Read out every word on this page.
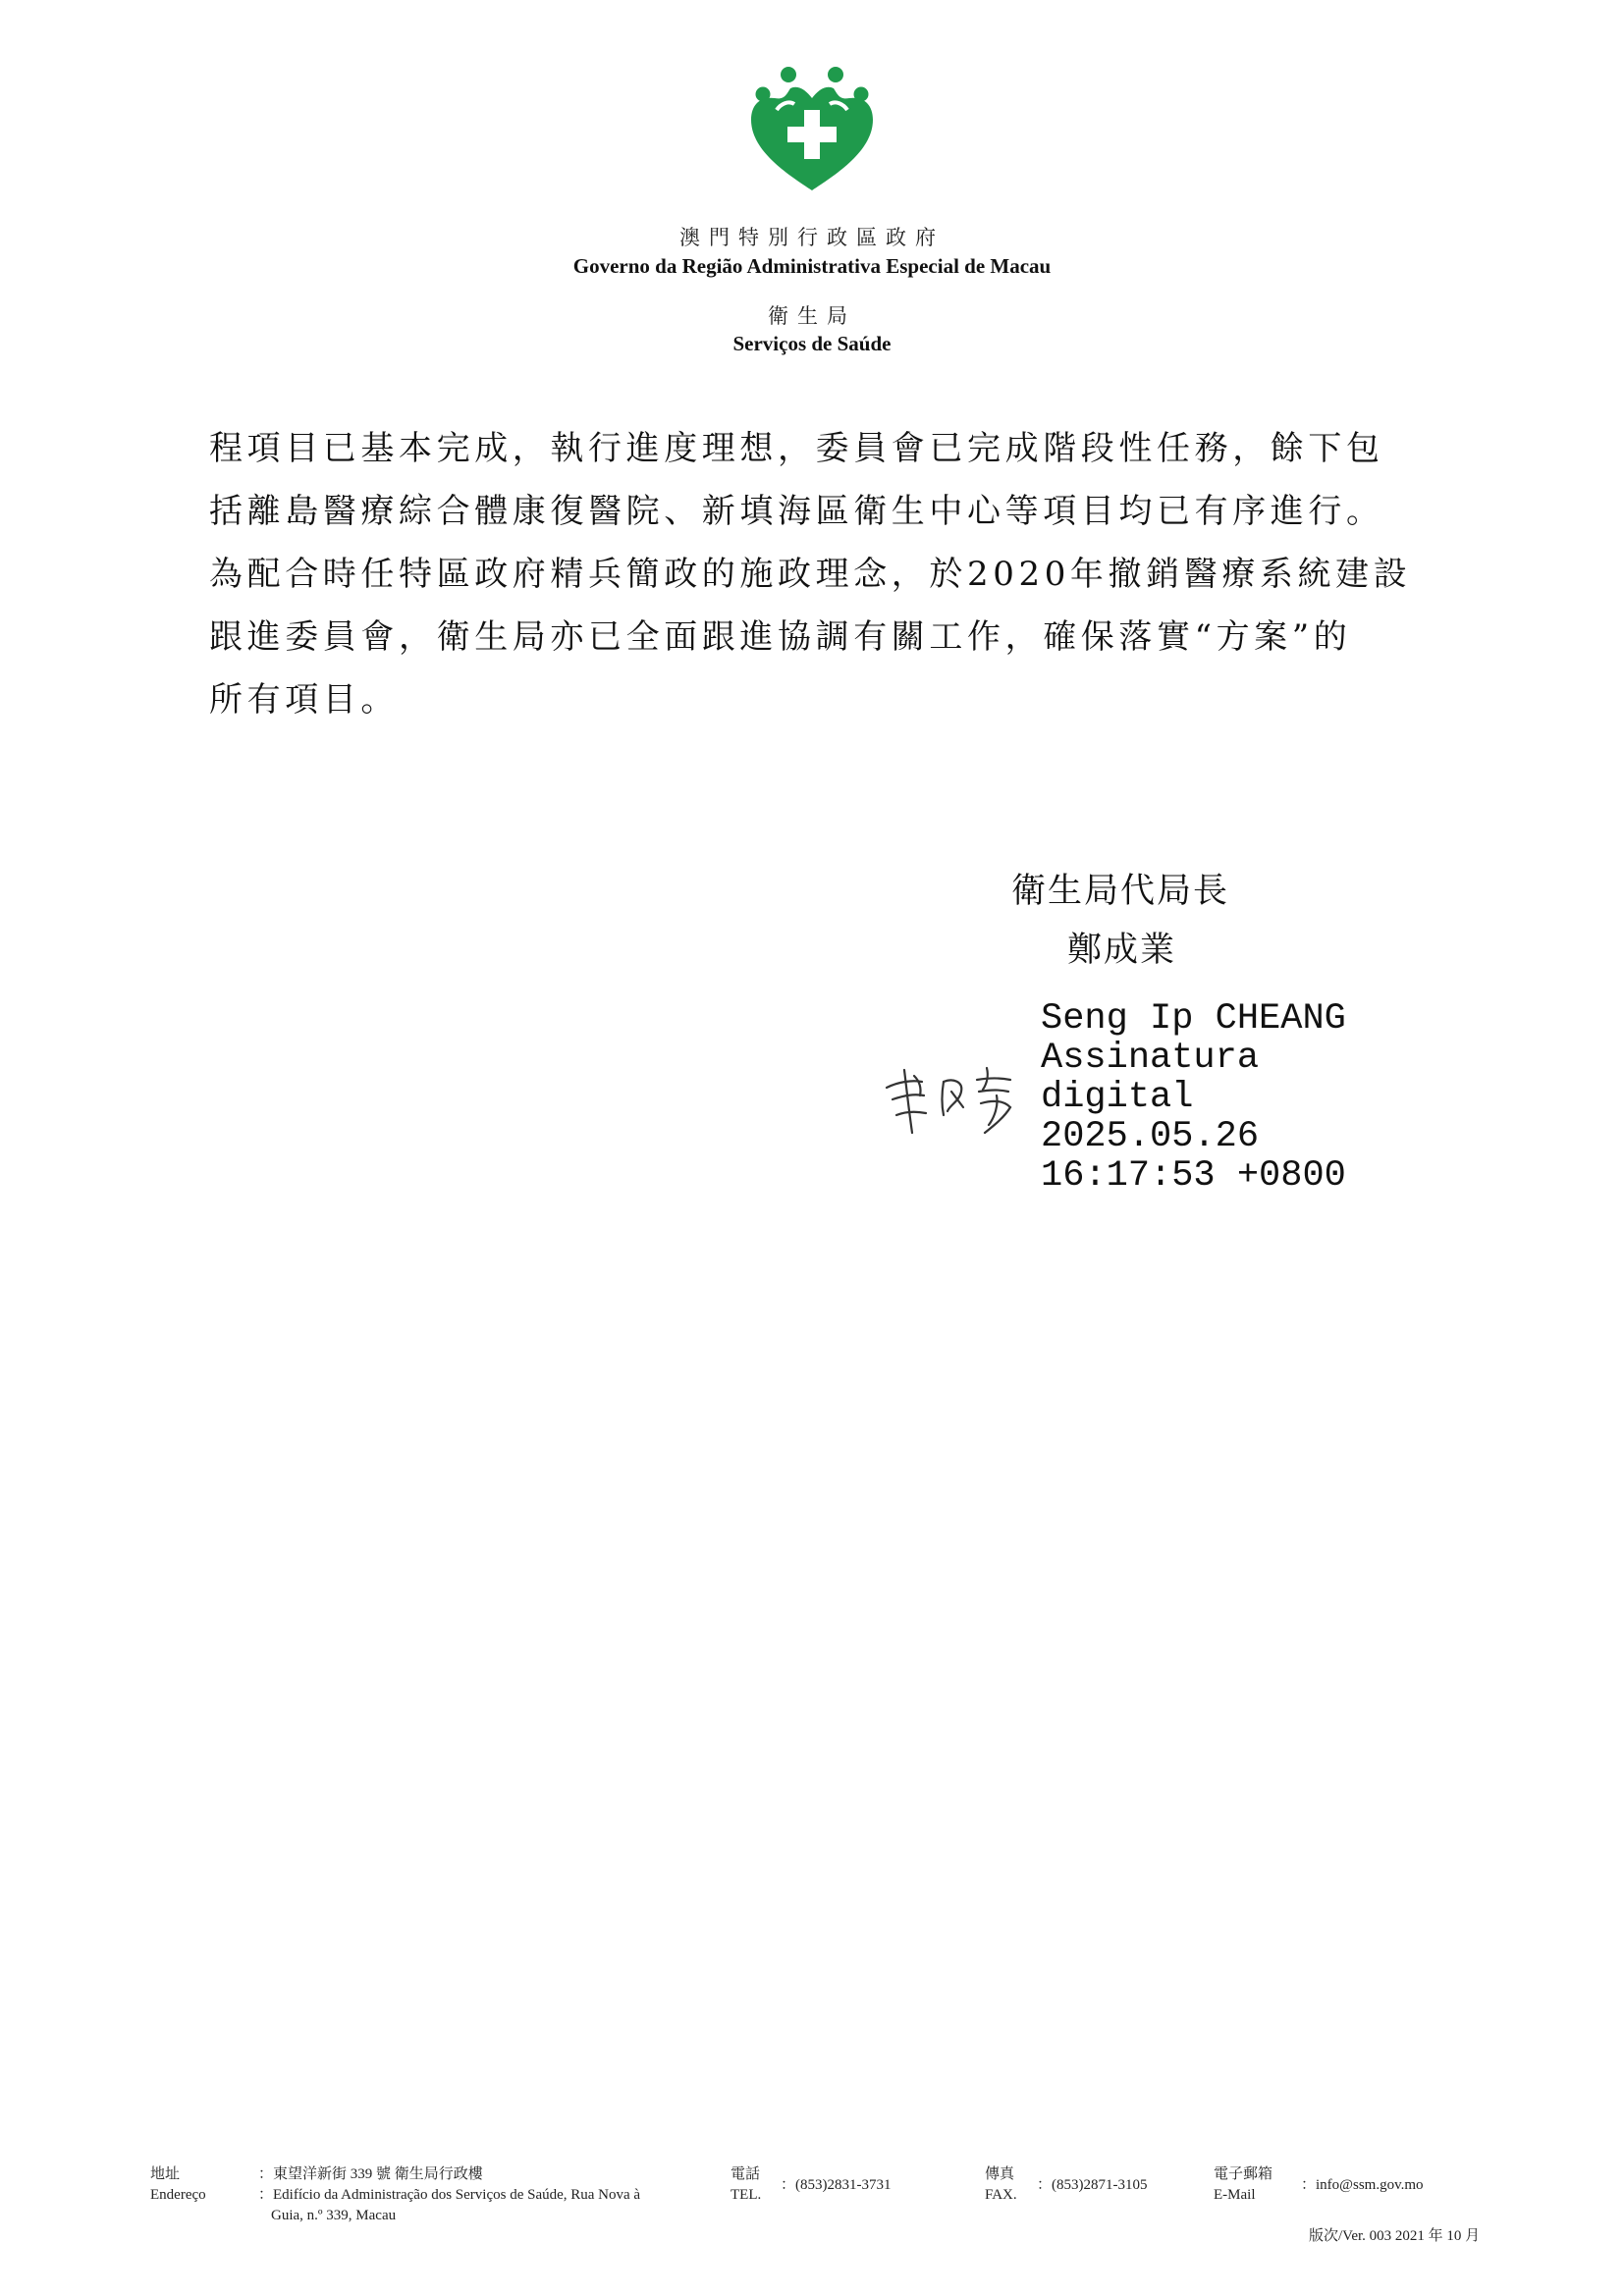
澳門特別行政區政府
Governo da Região Administrativa Especial de Macau
衛生局
Serviços de Saúde

程項目已基本完成，執行進度理想，委員會已完成階段性任務，餘下包

括離島醫療綜合體康復醫院、新填海區衛生中心等項目均已有序進行。

為配合時任特區政府精兵簡政的施政理念，於2020年撤銷醫療系統建設

跟進委員會，衛生局亦已全面跟進協調有關工作，確保落實“方案”的

所有項目。

衛生局代局長
鄭成業
Seng Ip CHEANG
Assinatura
digital
2025.05.26
16:17:53 +0800
地址
Endereço
：東望洋新街 339 號 衛生局行政樓
：Edifício da Administração dos Serviços de Saúde, Rua Nova à
Guia, n.º 339, Macau
電話
TEL.
：(853)2831-3731
傳真
FAX.
：(853)2871-3105
電子郵箱
E-Mail
：info@ssm.gov.mo
版次/Ver. 003 2021 年 10 月
